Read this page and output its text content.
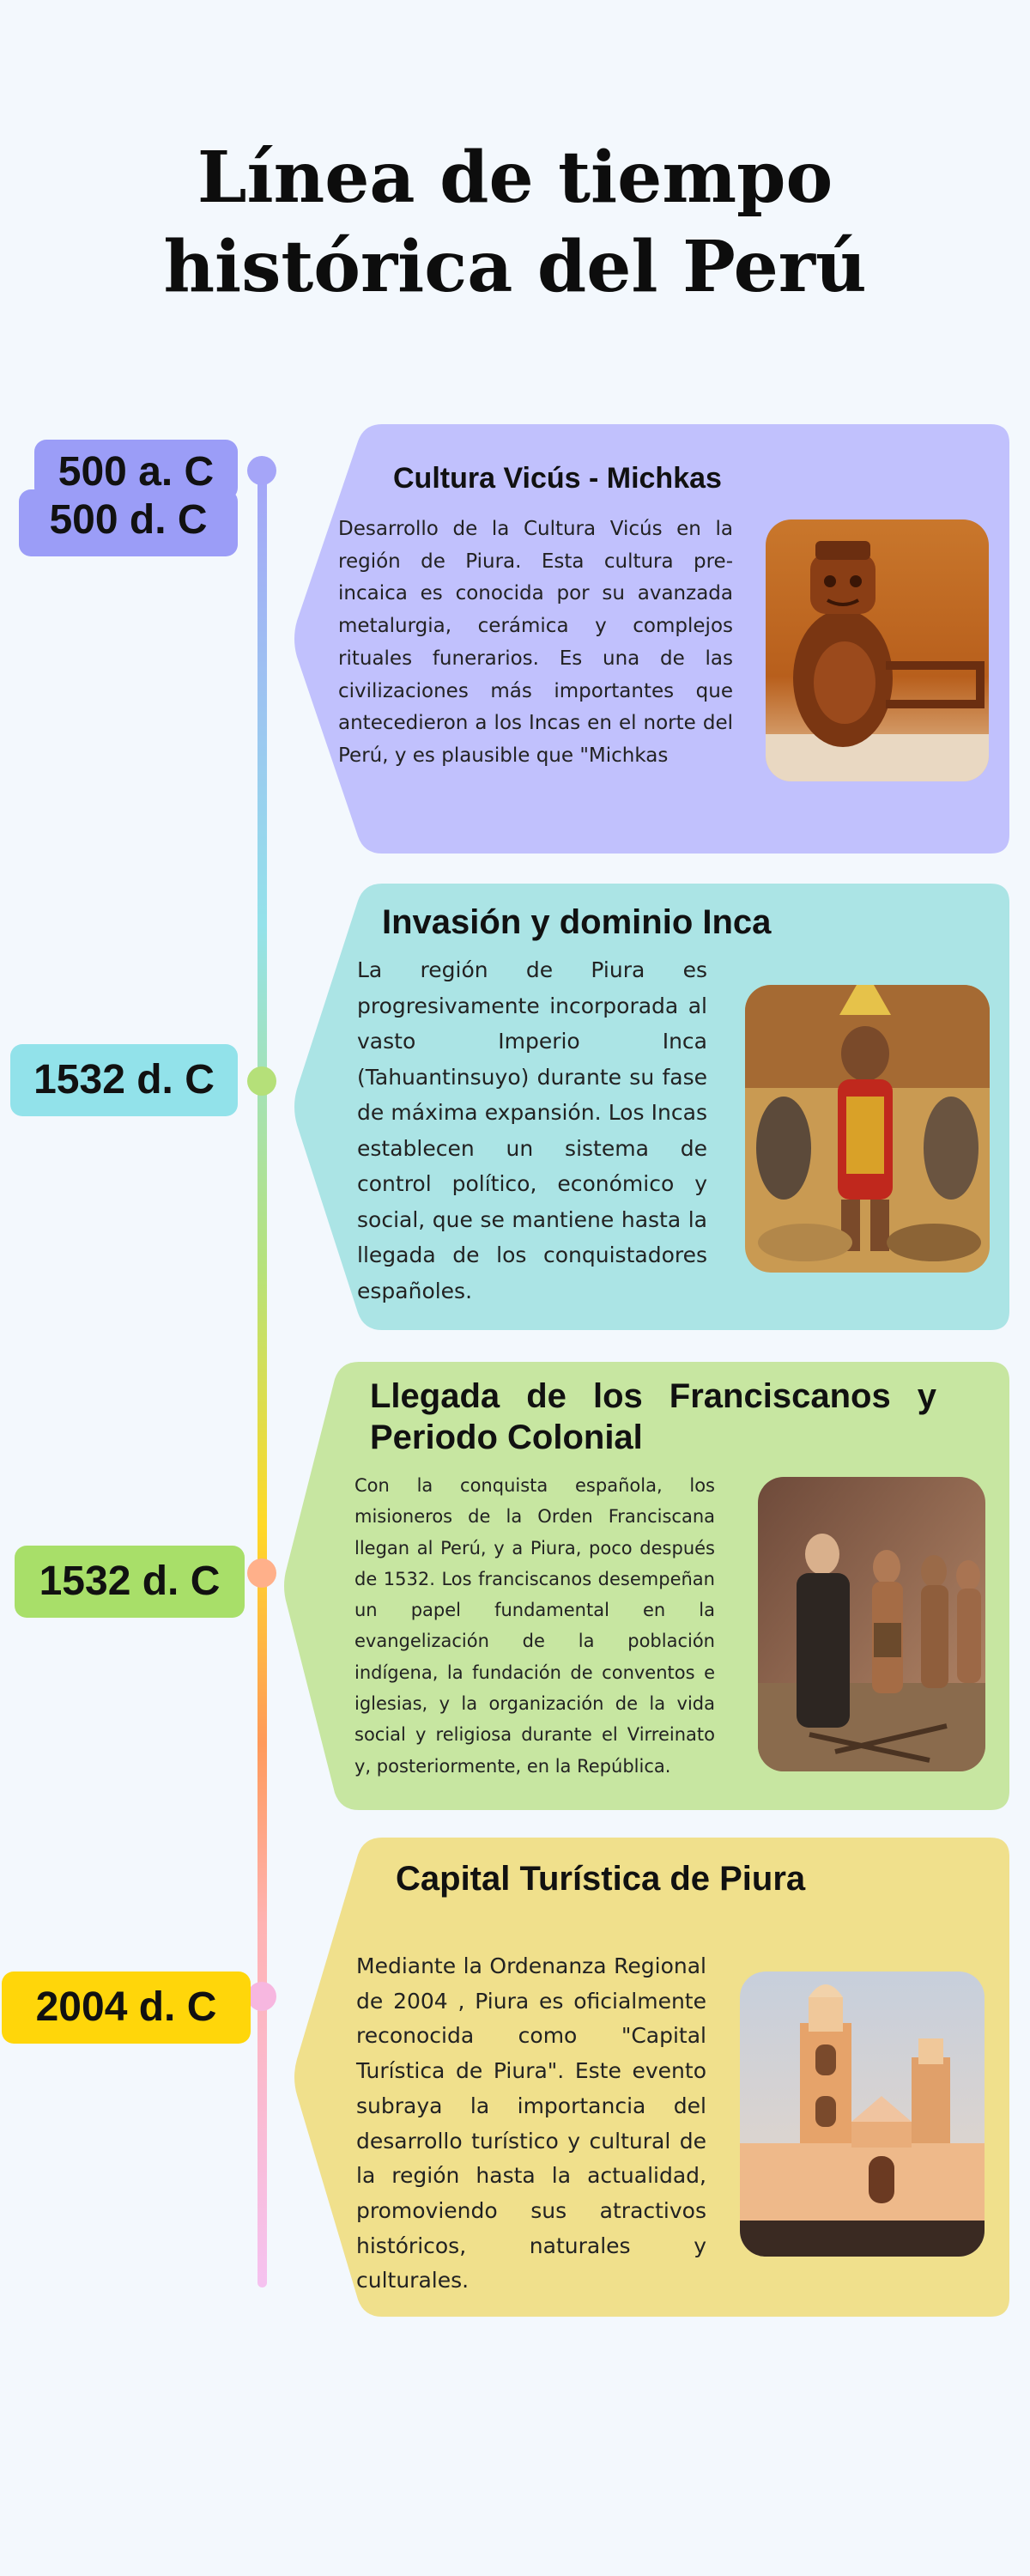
Línea de tiempo
histórica del Perú
500 a. C
500 d. C
Cultura Vicús - Michkas

Desarrollo de la Cultura Vicús en la región de Piura. Esta cultura pre-incaica es conocida por su avanzada metalurgia, cerámica y complejos rituales funerarios. Es una de las civilizaciones más importantes que antecedieron a los Incas en el norte del Perú, y es plausible que "Michkas

1532 d. C
Invasión y dominio Inca

La región de Piura es progresivamente incorporada al vasto Imperio Inca (Tahuantinsuyo) durante su fase de máxima expansión. Los Incas establecen un sistema de control político, económico y social, que se mantiene hasta la llegada de los conquistadores españoles.

1532 d. C
Llegada de los Franciscanos y Periodo Colonial

Con la conquista española, los misioneros de la Orden Franciscana llegan al Perú, y a Piura, poco después de 1532. Los franciscanos desempeñan un papel fundamental en la evangelización de la población indígena, la fundación de conventos e iglesias, y la organización de la vida social y religiosa durante el Virreinato y, posteriormente, en la República.

2004 d. C
Capital Turística de Piura

Mediante la Ordenanza Regional de 2004 , Piura es oficialmente reconocida como "Capital Turística de Piura". Este evento subraya la importancia del desarrollo turístico y cultural de la región hasta la actualidad, promoviendo sus atractivos históricos, naturales y culturales.
